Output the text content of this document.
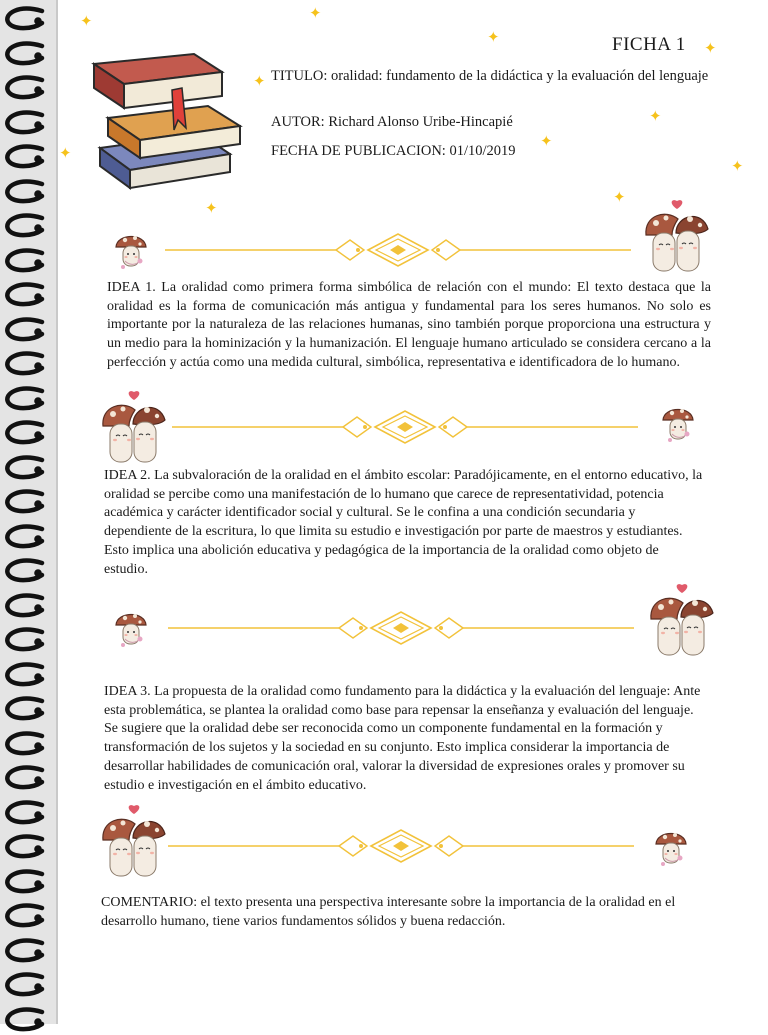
FICHA 1
TITULO: oralidad: fundamento de la didáctica y la evaluación del lenguaje
AUTOR: Richard Alonso Uribe-Hincapié
FECHA DE PUBLICACION: 01/10/2019
IDEA 1. La oralidad como primera forma simbólica de relación con el mundo: El texto destaca que la oralidad es la forma de comunicación más antigua y fundamental para los seres humanos. No solo es importante por la naturaleza de las relaciones humanas, sino también porque proporciona una estructura y un medio para la hominización y la humanización. El lenguaje humano articulado se considera cercano a la perfección y actúa como una medida cultural, simbólica, representativa e identificadora de lo humano.
IDEA 2. La subvaloración de la oralidad en el ámbito escolar: Paradójicamente, en el entorno educativo, la oralidad se percibe como una manifestación de lo humano que carece de representatividad, potencia académica y carácter identificador social y cultural. Se le confina a una condición secundaria y dependiente de la escritura, lo que limita su estudio e investigación por parte de maestros y estudiantes. Esto implica una abolición educativa y pedagógica de la importancia de la oralidad como objeto de estudio.
IDEA 3. La propuesta de la oralidad como fundamento para la didáctica y la evaluación del lenguaje: Ante esta problemática, se plantea la oralidad como base para repensar la enseñanza y evaluación del lenguaje. Se sugiere que la oralidad debe ser reconocida como un componente fundamental en la formación y transformación de los sujetos y la sociedad en su conjunto. Esto implica considerar la importancia de desarrollar habilidades de comunicación oral, valorar la diversidad de expresiones orales y promover su estudio e investigación en el ámbito educativo.
COMENTARIO: el texto presenta una perspectiva interesante sobre la importancia de la oralidad en el desarrollo humano, tiene varios fundamentos sólidos y buena redacción.
✦	✦
✦
✦
✦
✦
✦
✦
✦
✦
✦
